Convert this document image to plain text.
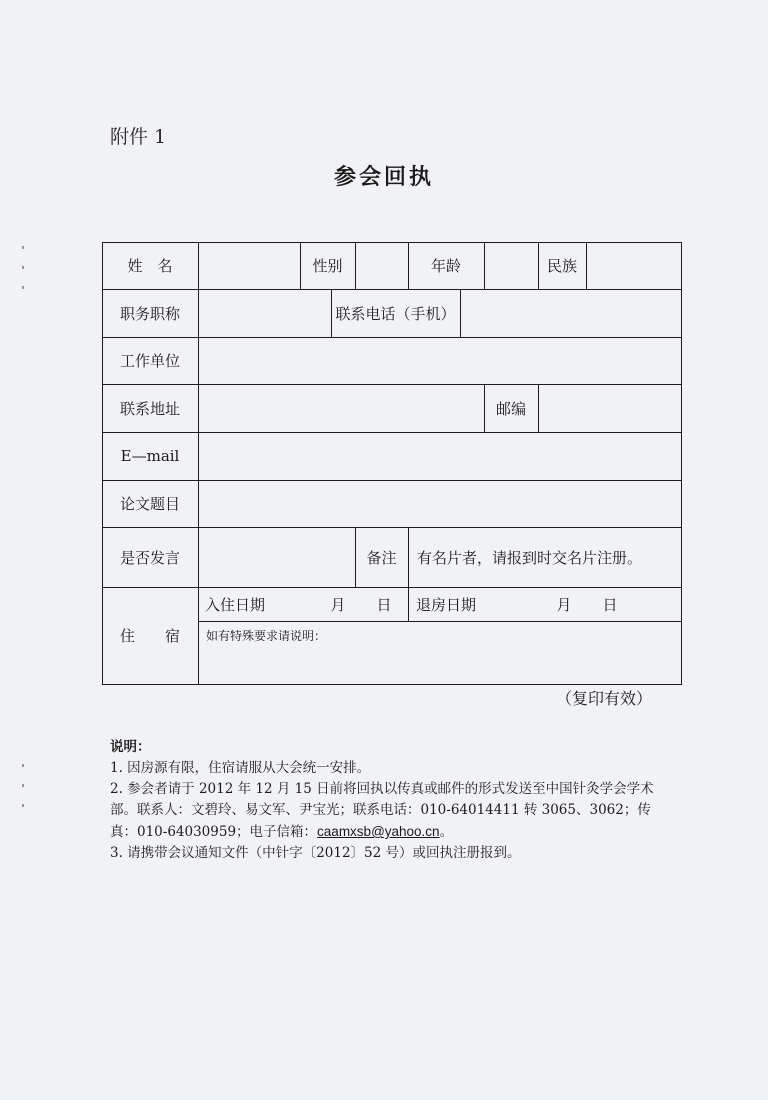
附件 1
参会回执
姓　名	性别	年龄	民族
职务职称	联系电话（手机）
工作单位
联系地址	邮编
E—mail
论文题目
是否发言	备注	有名片者，请报到时交名片注册。
住　　宿
入住日期	月	日	退房日期	月	日
如有特殊要求请说明：
（复印有效）
说明：
1. 因房源有限，住宿请服从大会统一安排。
2. 参会者请于 2012 年 12 月 15 日前将回执以传真或邮件的形式发送至中国针灸学会学术部。联系人：文碧玲、易文军、尹宝光；联系电话：010-64014411 转 3065、3062；传真：010-64030959；电子信箱：caamxsb@yahoo.cn。
3. 请携带会议通知文件（中针字〔2012〕52 号）或回执注册报到。
